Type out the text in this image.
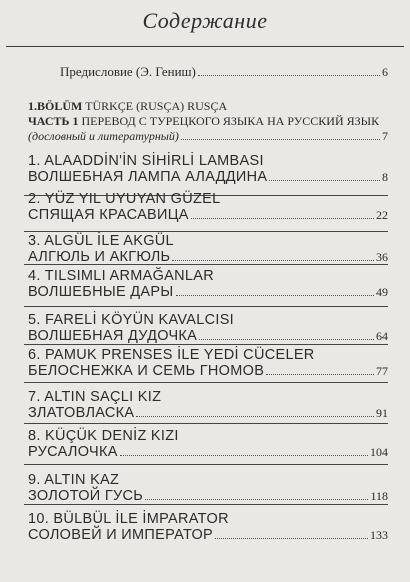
Содержание
Предисловие (Э. Гениш)	6
1.BÖLÜM TÜRKÇE (RUSÇA) RUSÇA
ЧАСТЬ 1 ПЕРЕВОД С ТУРЕЦКОГО ЯЗЫКА НА РУССКИЙ ЯЗЫК
(дословный и литературный)	7
1. ALAADDİN'İN SİHİRLİ LAMBASI
ВОЛШЕБНАЯ ЛАМПА АЛАДДИНА	8
2. YÜZ YIL UYUYAN GÜZEL
СПЯЩАЯ КРАСАВИЦА	22
3. ALGÜL İLE AKGÜL
АЛГЮЛЬ И АКГЮЛЬ	36
4. TILSIMLI ARMAĞANLAR
ВОЛШЕБНЫЕ ДАРЫ	49
5. FARELİ KÖYÜN KAVALCISI
ВОЛШЕБНАЯ ДУДОЧКА	64
6. PAMUK PRENSES İLE YEDİ CÜCELER
БЕЛОСНЕЖКА И СЕМЬ ГНОМОВ	77
7. ALTIN SAÇLI KIZ
ЗЛАТОВЛАСКА	91
8. KÜÇÜK DENİZ KIZI
РУСАЛОЧКА	104
9. ALTIN KAZ
ЗОЛОТОЙ ГУСЬ	118
10. BÜLBÜL İLE İMPARATOR
СОЛОВЕЙ И ИМПЕРАТОР	133
